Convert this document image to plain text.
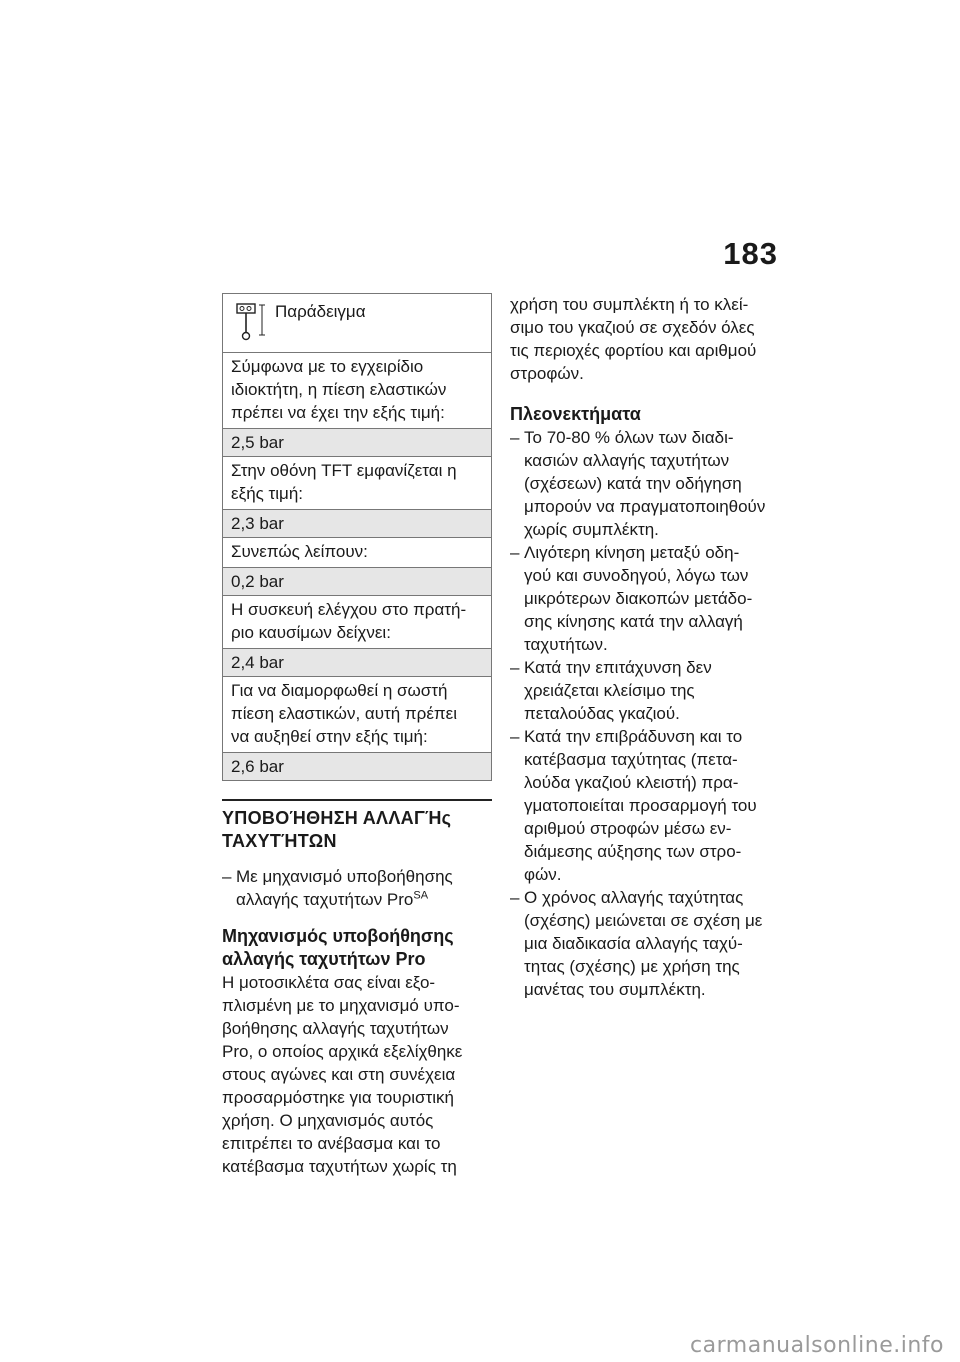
183
Παράδειγμα
Σύμφωνα με το εγχειρίδιο
ιδιοκτήτη, η πίεση ελαστικών
πρέπει να έχει την εξής τιμή:
2,5 bar
Στην οθόνη TFT εμφανίζεται η
εξής τιμή:
2,3 bar
Συνεπώς λείπουν:
0,2 bar
Η συσκευή ελέγχου στο πρατή-
ριο καυσίμων δείχνει:
2,4 bar
Για να διαμορφωθεί η σωστή
πίεση ελαστικών, αυτή πρέπει
να αυξηθεί στην εξής τιμή:
2,6 bar
ΥΠΟΒΟΉΘΗΣΗ ΑΛΛΑΓΉς
ΤΑΧΥΤΉΤΩΝ
– Με μηχανισμό υποβοήθησης
αλλαγής ταχυτήτων Pro$^{SA}$
Μηχανισμός υποβοήθησης
αλλαγής ταχυτήτων Pro

Η μοτοσικλέτα σας είναι εξο-
πλισμένη με το μηχανισμό υπο-
βοήθησης αλλαγής ταχυτήτων
Pro, ο οποίος αρχικά εξελίχθηκε
στους αγώνες και στη συνέχεια
προσαρμόστηκε για τουριστική
χρήση. Ο μηχανισμός αυτός
επιτρέπει το ανέβασμα και το
κατέβασμα ταχυτήτων χωρίς τη

χρήση του συμπλέκτη ή το κλεί-
σιμο του γκαζιού σε σχεδόν όλες
τις περιοχές φορτίου και αριθμού
στροφών.

Πλεονεκτήματα
– Το 70-80 % όλων των διαδι-
κασιών αλλαγής ταχυτήτων
(σχέσεων) κατά την οδήγηση
μπορούν να πραγματοποιηθούν
χωρίς συμπλέκτη.
– Λιγότερη κίνηση μεταξύ οδη-
γού και συνοδηγού, λόγω των
μικρότερων διακοπών μετάδο-
σης κίνησης κατά την αλλαγή
ταχυτήτων.
– Κατά την επιτάχυνση δεν
χρειάζεται κλείσιμο της
πεταλούδας γκαζιού.
– Κατά την επιβράδυνση και το
κατέβασμα ταχύτητας (πετα-
λούδα γκαζιού κλειστή) πρα-
γματοποιείται προσαρμογή του
αριθμού στροφών μέσω εν-
διάμεσης αύξησης των στρο-
φών.
– Ο χρόνος αλλαγής ταχύτητας
(σχέσης) μειώνεται σε σχέση με
μια διαδικασία αλλαγής ταχύ-
τητας (σχέσης) με χρήση της
μανέτας του συμπλέκτη.
carmanualsonline.info
